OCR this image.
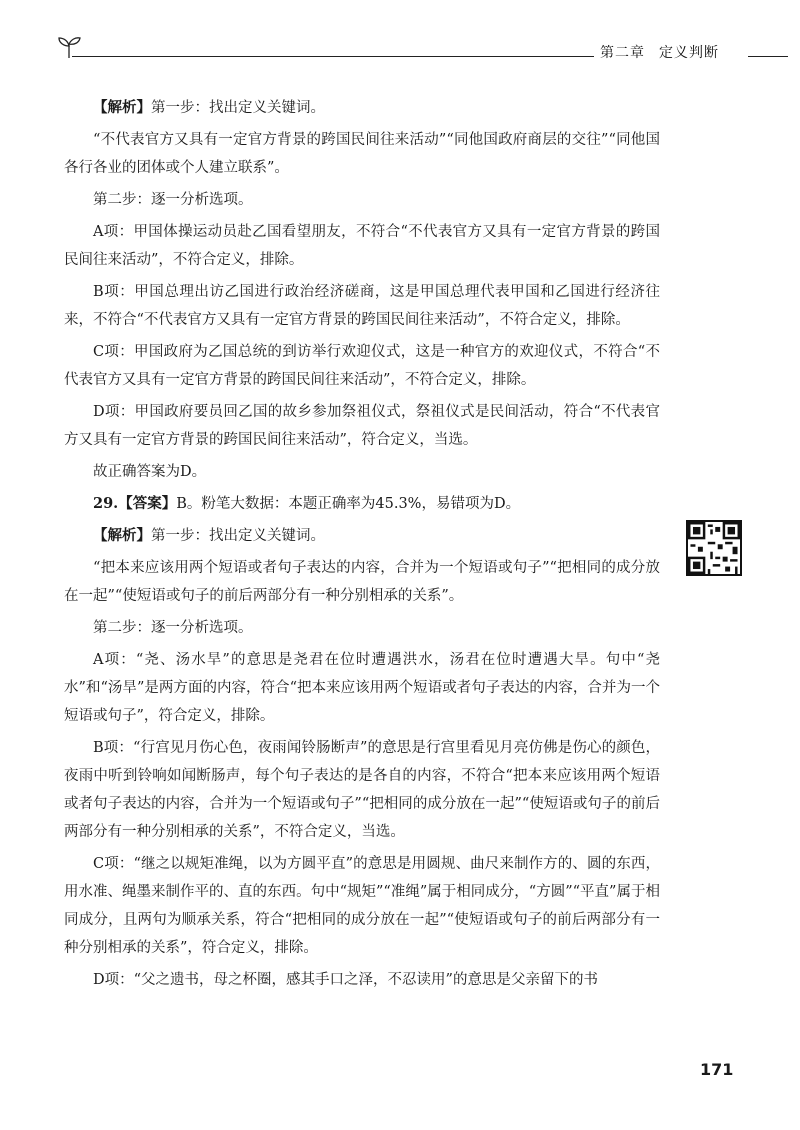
第二章 定义判断

【解析】第一步：找出定义关键词。

“不代表官方又具有一定官方背景的跨国民间往来活动”“同他国政府商层的交往”“同他国各行各业的团体或个人建立联系”。

第二步：逐一分析选项。

A项：甲国体操运动员赴乙国看望朋友，不符合“不代表官方又具有一定官方背景的跨国民间往来活动”，不符合定义，排除。

B项：甲国总理出访乙国进行政治经济磋商，这是甲国总理代表甲国和乙国进行经济往来，不符合“不代表官方又具有一定官方背景的跨国民间往来活动”，不符合定义，排除。

C项：甲国政府为乙国总统的到访举行欢迎仪式，这是一种官方的欢迎仪式，不符合“不代表官方又具有一定官方背景的跨国民间往来活动”，不符合定义，排除。

D项：甲国政府要员回乙国的故乡参加祭祖仪式，祭祖仪式是民间活动，符合“不代表官方又具有一定官方背景的跨国民间往来活动”，符合定义，当选。

故正确答案为D。

29.【答案】B。粉笔大数据：本题正确率为45.3%，易错项为D。

【解析】第一步：找出定义关键词。

“把本来应该用两个短语或者句子表达的内容，合并为一个短语或句子”“把相同的成分放在一起”“使短语或句子的前后两部分有一种分别相承的关系”。

第二步：逐一分析选项。

A项：“尧、汤水旱”的意思是尧君在位时遭遇洪水，汤君在位时遭遇大旱。句中“尧水”和“汤旱”是两方面的内容，符合“把本来应该用两个短语或者句子表达的内容，合并为一个短语或句子”，符合定义，排除。

B项：“行宫见月伤心色，夜雨闻铃肠断声”的意思是行宫里看见月亮仿佛是伤心的颜色，夜雨中听到铃响如闻断肠声，每个句子表达的是各自的内容，不符合“把本来应该用两个短语或者句子表达的内容，合并为一个短语或句子”“把相同的成分放在一起”“使短语或句子的前后两部分有一种分别相承的关系”，不符合定义，当选。

C项：“继之以规矩准绳，以为方圆平直”的意思是用圆规、曲尺来制作方的、圆的东西，用水准、绳墨来制作平的、直的东西。句中“规矩”“准绳”属于相同成分，“方圆”“平直”属于相同成分，且两句为顺承关系，符合“把相同的成分放在一起”“使短语或句子的前后两部分有一种分别相承的关系”，符合定义，排除。

D项：“父之遗书，母之杯圈，感其手口之泽，不忍读用”的意思是父亲留下的书

171
